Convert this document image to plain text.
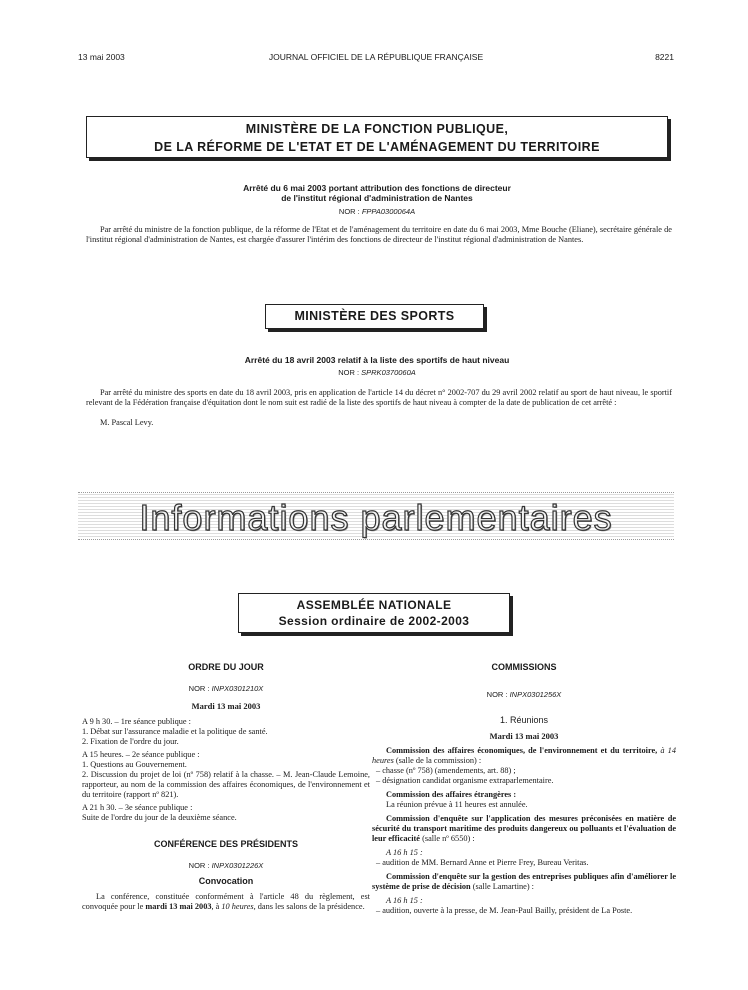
13 mai 2003	JOURNAL OFFICIEL DE LA RÉPUBLIQUE FRANÇAISE	8221
MINISTÈRE DE LA FONCTION PUBLIQUE,
DE LA RÉFORME DE L'ETAT ET DE L'AMÉNAGEMENT DU TERRITOIRE
Arrêté du 6 mai 2003 portant attribution des fonctions de directeur
de l'institut régional d'administration de Nantes
NOR : FPPA0300064A
Par arrêté du ministre de la fonction publique, de la réforme de l'Etat et de l'aménagement du territoire en date du 6 mai 2003, Mme Bouche (Eliane), secrétaire générale de l'institut régional d'administration de Nantes, est chargée d'assurer l'intérim des fonctions de directeur de l'institut régional d'administration de Nantes.
MINISTÈRE DES SPORTS
Arrêté du 18 avril 2003 relatif à la liste des sportifs de haut niveau
NOR : SPRK0370060A
Par arrêté du ministre des sports en date du 18 avril 2003, pris en application de l'article 14 du décret n° 2002-707 du 29 avril 2002 relatif au sport de haut niveau, le sportif relevant de la Fédération française d'équitation dont le nom suit est radié de la liste des sportifs de haut niveau à compter de la date de publication de cet arrêté :
M. Pascal Levy.
Informations parlementaires
ASSEMBLÉE NATIONALE
Session ordinaire de 2002-2003
ORDRE DU JOUR
NOR : INPX0301210X
Mardi 13 mai 2003
A 9 h 30. – 1re séance publique :
1. Débat sur l'assurance maladie et la politique de santé.
2. Fixation de l'ordre du jour.
A 15 heures. – 2e séance publique :
1. Questions au Gouvernement.
2. Discussion du projet de loi (nº 758) relatif à la chasse. – M. Jean-Claude Lemoine, rapporteur, au nom de la commission des affaires économiques, de l'environnement et du territoire (rapport nº 821).
A 21 h 30. – 3e séance publique :
Suite de l'ordre du jour de la deuxième séance.
CONFÉRENCE DES PRÉSIDENTS
NOR : INPX0301226X
Convocation
La conférence, constituée conformément à l'article 48 du règlement, est convoquée pour le mardi 13 mai 2003, à 10 heures, dans les salons de la présidence.
COMMISSIONS
NOR : INPX0301256X
1. Réunions
Mardi 13 mai 2003
Commission des affaires économiques, de l'environnement et du territoire, à 14 heures (salle de la commission) :
– chasse (nº 758) (amendements, art. 88) ;
– désignation candidat organisme extraparlementaire.
Commission des affaires étrangères :
La réunion prévue à 11 heures est annulée.
Commission d'enquête sur l'application des mesures préconisées en matière de sécurité du transport maritime des produits dangereux ou polluants et l'évaluation de leur efficacité (salle nº 6550) :
A 16 h 15 :
– audition de MM. Bernard Anne et Pierre Frey, Bureau Veritas.
Commission d'enquête sur la gestion des entreprises publiques afin d'améliorer le système de prise de décision (salle Lamartine) :
A 16 h 15 :
– audition, ouverte à la presse, de M. Jean-Paul Bailly, président de La Poste.
